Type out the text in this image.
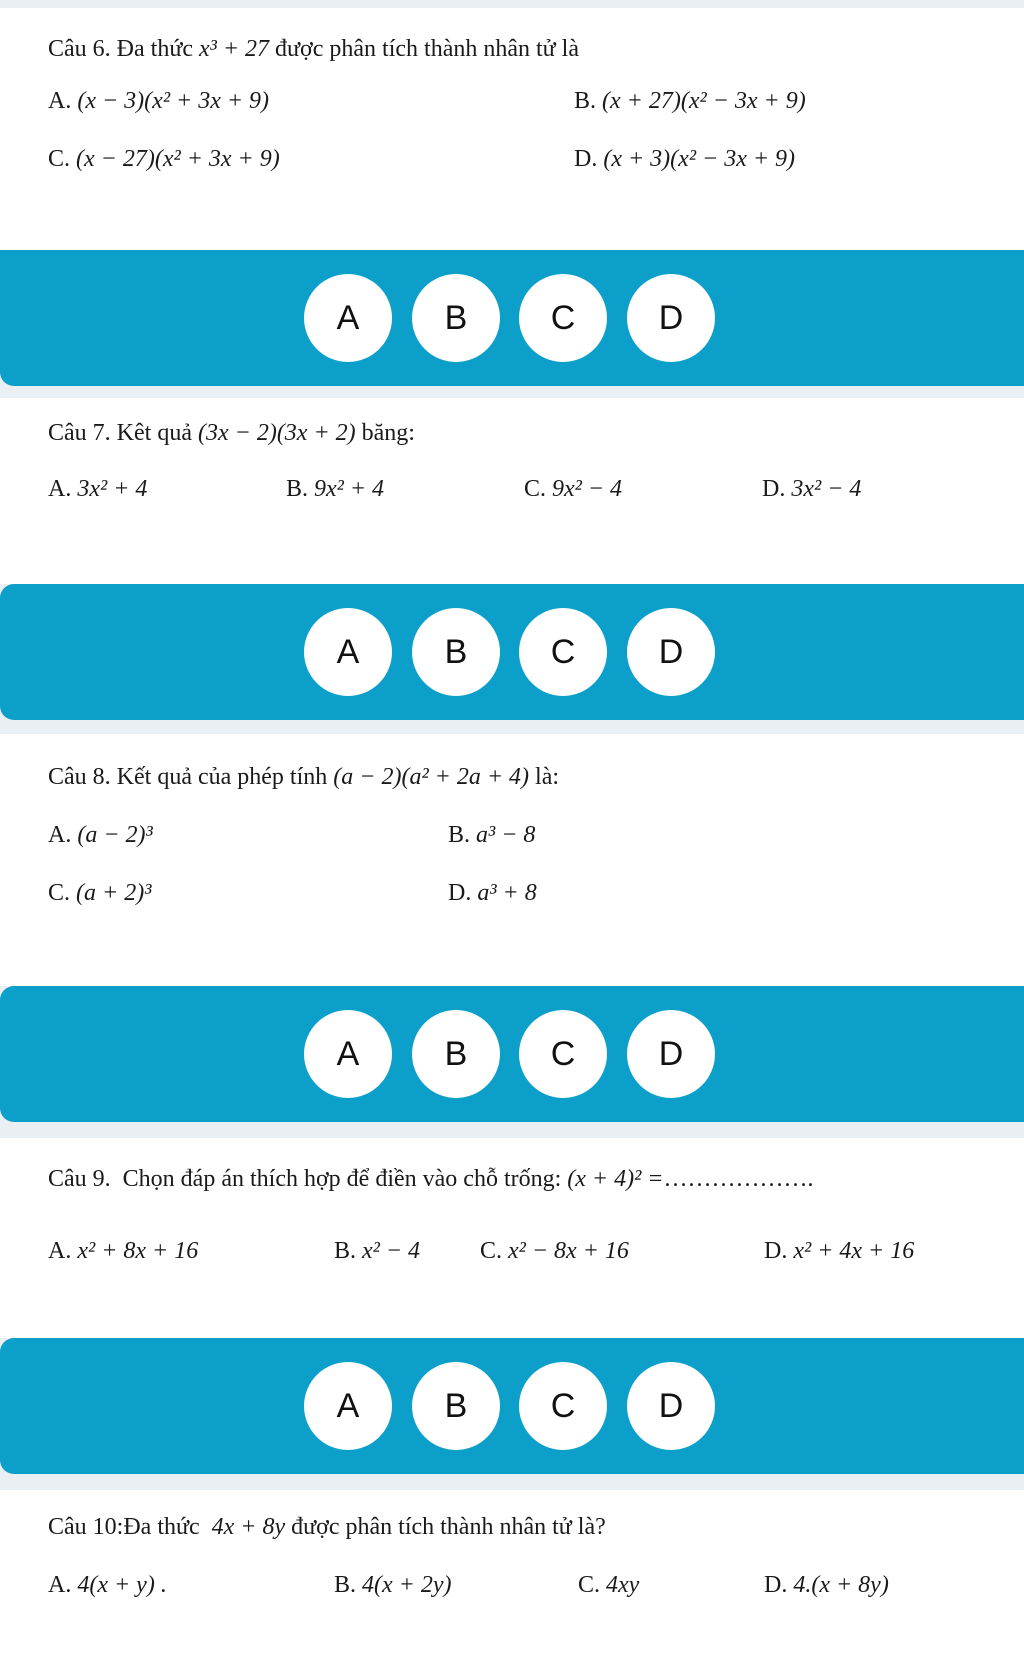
Câu 6. Đa thức x³ + 27 được phân tích thành nhân tử là
A. (x − 3)(x² + 3x + 9)	B. (x + 27)(x² − 3x + 9)
C. (x − 27)(x² + 3x + 9)	D. (x + 3)(x² − 3x + 9)
A	B	C	D
Câu 7. Kêt quả (3x − 2)(3x + 2) băng:
A. 3x² + 4	B. 9x² + 4	C. 9x² − 4	D. 3x² − 4
A	B	C	D
Câu 8. Kết quả của phép tính (a − 2)(a² + 2a + 4) là:
A. (a − 2)³	B. a³ − 8
C. (a + 2)³	D. a³ + 8
A	B	C	D
Câu 9. Chọn đáp án thích hợp để điền vào chỗ trống: (x + 4)² =……………….
A. x² + 8x + 16	B. x² − 4 C. x² − 8x + 16	D. x² + 4x + 16
A	B	C	D
Câu 10:Đa thức 4x + 8y được phân tích thành nhân tử là?
A. 4(x + y) .	B. 4(x + 2y)	C. 4xy	D. 4.(x + 8y)
